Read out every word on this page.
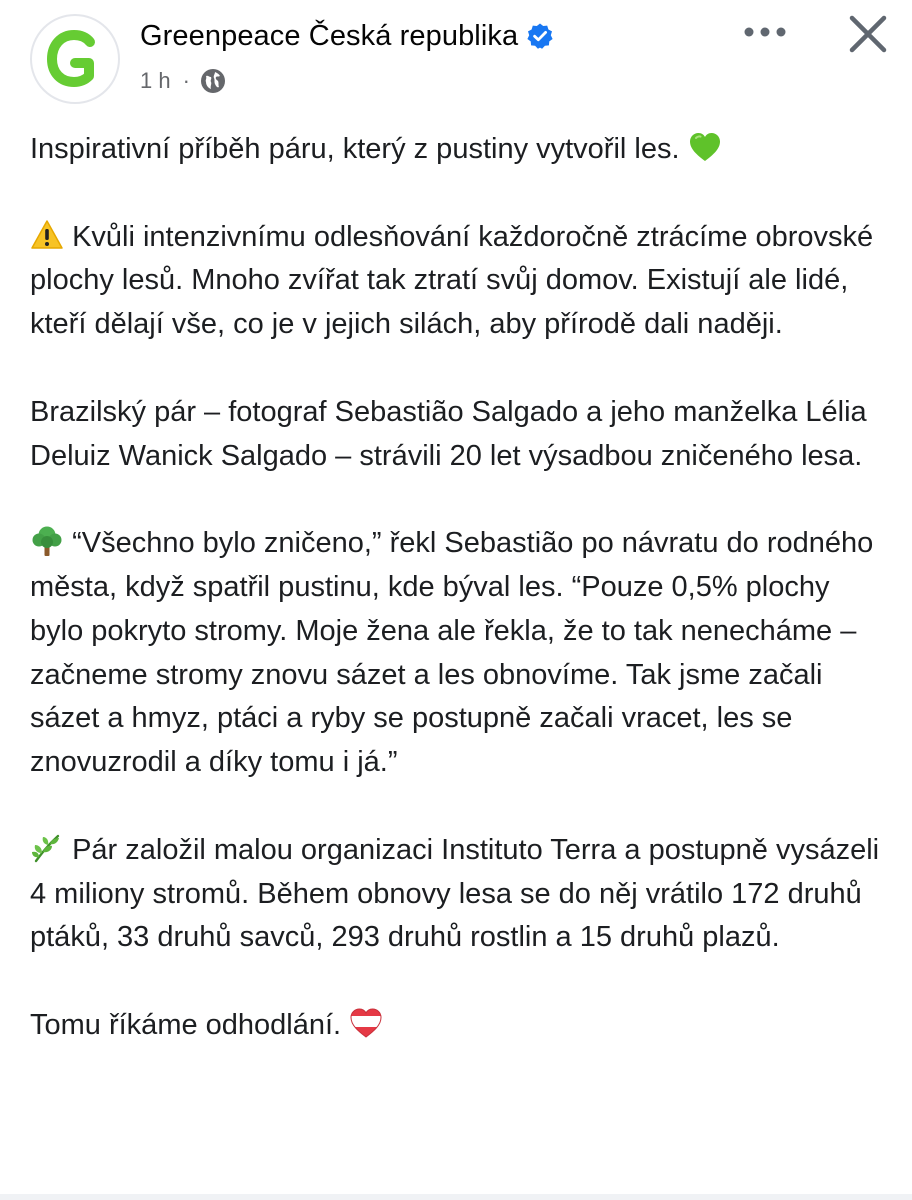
Greenpeace Česká republika
1 h ·

Inspirativní příběh páru, který z pustiny vytvořil les.

Kvůli intenzivnímu odlesňování každoročně ztrácíme obrovské plochy lesů. Mnoho zvířat tak ztratí svůj domov. Existují ale lidé, kteří dělají vše, co je v jejich silách, aby přírodě dali naději.

Brazilský pár – fotograf Sebastião Salgado a jeho manželka Lélia Deluiz Wanick Salgado – strávili 20 let výsadbou zničeného lesa.

“Všechno bylo zničeno,” řekl Sebastião po návratu do rodného města, když spatřil pustinu, kde býval les. “Pouze 0,5% plochy bylo pokryto stromy. Moje žena ale řekla, že to tak nenecháme – začneme stromy znovu sázet a les obnovíme. Tak jsme začali sázet a hmyz, ptáci a ryby se postupně začali vracet, les se znovuzrodil a díky tomu i já.”

Pár založil malou organizaci Instituto Terra a postupně vysázeli 4 miliony stromů. Během obnovy lesa se do něj vrátilo 172 druhů ptáků, 33 druhů savců, 293 druhů rostlin a 15 druhů plazů.

Tomu říkáme odhodlání.
